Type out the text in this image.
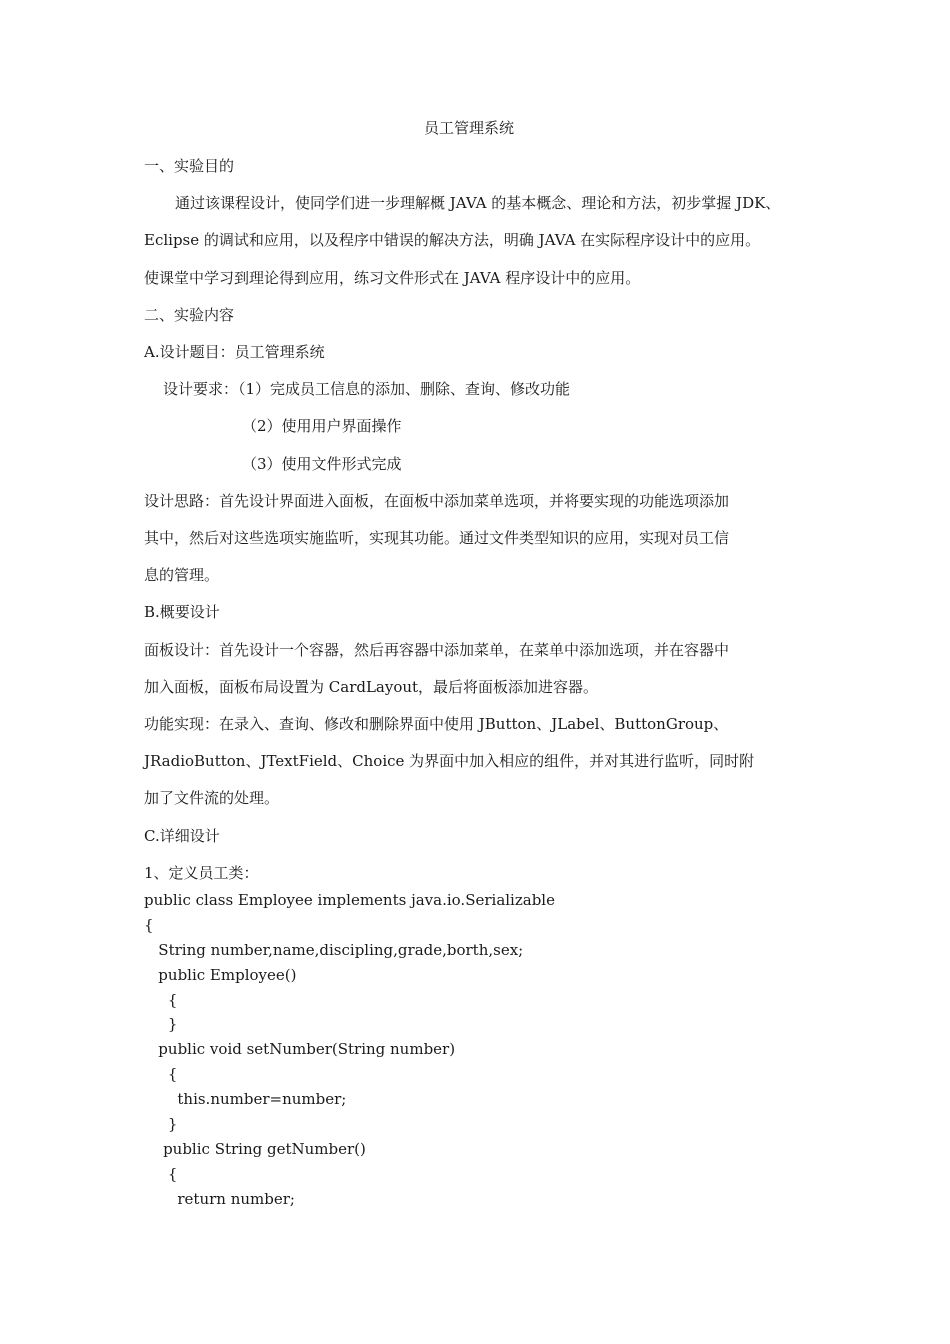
员工管理系统

一、实验目的

通过该课程设计，使同学们进一步理解概 JAVA 的基本概念、理论和方法，初步掌握 JDK、

Eclipse 的调试和应用，以及程序中错误的解决方法，明确 JAVA 在实际程序设计中的应用。

使课堂中学习到理论得到应用，练习文件形式在 JAVA 程序设计中的应用。

二、实验内容

A.设计题目：员工管理系统

设计要求：（1）完成员工信息的添加、删除、查询、修改功能

（2）使用用户界面操作

（3）使用文件形式完成

设计思路：首先设计界面进入面板，在面板中添加菜单选项，并将要实现的功能选项添加

其中，然后对这些选项实施监听，实现其功能。通过文件类型知识的应用，实现对员工信

息的管理。

B.概要设计

面板设计：首先设计一个容器，然后再容器中添加菜单，在菜单中添加选项，并在容器中

加入面板，面板布局设置为 CardLayout，最后将面板添加进容器。

功能实现：在录入、查询、修改和删除界面中使用 JButton、JLabel、ButtonGroup、

JRadioButton、JTextField、Choice 为界面中加入相应的组件，并对其进行监听，同时附

加了文件流的处理。

C.详细设计

1、定义员工类：

public class Employee implements java.io.Serializable
{
String number,name,discipling,grade,borth,sex;
public Employee()
{
}
public void setNumber(String number)
{
this.number=number;
}
public String getNumber()
{
return number;
